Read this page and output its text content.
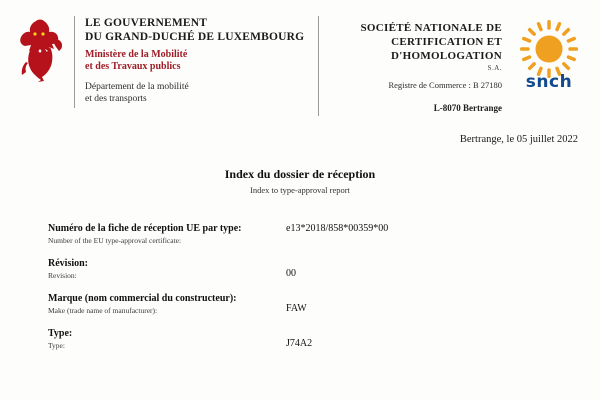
LE GOUVERNEMENT
DU GRAND-DUCHÉ DE LUXEMBOURG
Ministère de la Mobilité
et des Travaux publics
Département de la mobilité
et des transports
SOCIÉTÉ NATIONALE DE
CERTIFICATION ET D'HOMOLOGATION
S.A.
Registre de Commerce : B 27180
L-8070 Bertrange
snch
Bertrange, le 05 juillet 2022
Index du dossier de réception
Index to type-approval report
Numéro de la fiche de réception UE par type:
Number of the EU type-approval certificate:
e13*2018/858*00359*00
Révision:
Revision:	00
Marque (nom commercial du constructeur):
Make (trade name of manufacturer):	FAW
Type:
Type:	J74A2
